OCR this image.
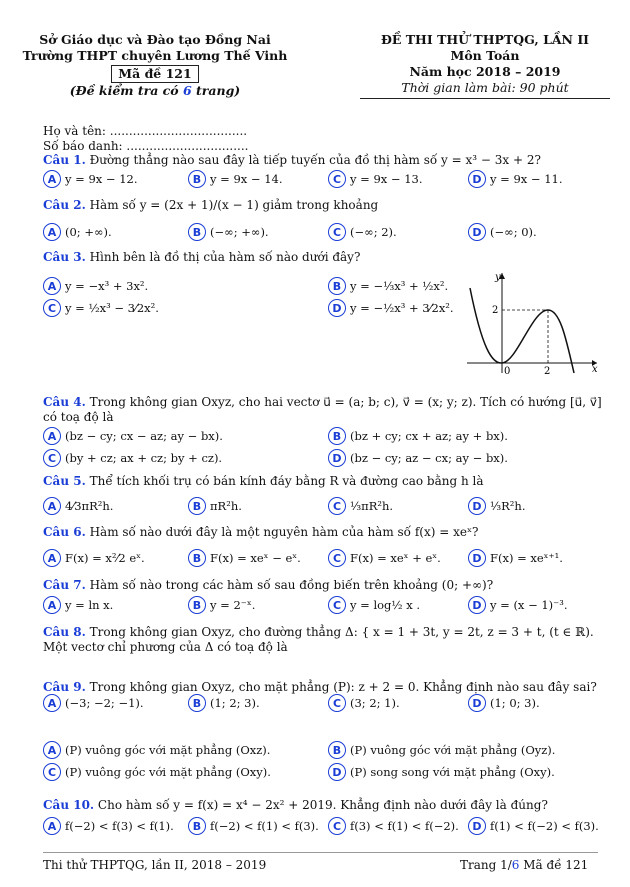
Sở Giáo dục và Đào tạo Đồng Nai
Trường THPT chuyên Lương Thế Vinh
Mã đề 121
(Đề kiểm tra có 6 trang)
ĐỀ THI THỬ THPTQG, LẦN II
Môn Toán
Năm học 2018 – 2019
Thời gian làm bài: 90 phút
Họ và tên: ....................................
Số báo danh: ................................
Câu 1. Đường thẳng nào sau đây là tiếp tuyến của đồ thị hàm số y = x³ − 3x + 2?
A y = 9x − 12.	B y = 9x − 14.	C y = 9x − 13.	D y = 9x − 11.
Câu 2. Hàm số y = (2x + 1)/(x − 1) giảm trong khoảng
A (0; +∞).	B (−∞; +∞).	C (−∞; 2).	D (−∞; 0).
Câu 3. Hình bên là đồ thị của hàm số nào dưới đây?
A y = −x³ + 3x².	B y = −⅓x³ + ½x².
C y = ½x³ − 3⁄2x².	D y = −½x³ + 3⁄2x².
Câu 4. Trong không gian Oxyz, cho hai vectơ u⃗ = (a; b; c), v⃗ = (x; y; z). Tích có hướng [u⃗, v⃗] có toạ độ là
A (bz − cy; cx − az; ay − bx).	B (bz + cy; cx + az; ay + bx).
C (by + cz; ax + cz; by + cz).	D (bz − cy; az − cx; ay − bx).
Câu 5. Thể tích khối trụ có bán kính đáy bằng R và đường cao bằng h là
A 4⁄3πR²h.	B πR²h.	C ⅓πR²h.	D ⅓R²h.
Câu 6. Hàm số nào dưới đây là một nguyên hàm của hàm số f(x) = xeˣ?
A F(x) = x²⁄2 eˣ.	B F(x) = xeˣ − eˣ.	C F(x) = xeˣ + eˣ.	D F(x) = xeˣ⁺¹.
Câu 7. Hàm số nào trong các hàm số sau đồng biến trên khoảng (0; +∞)?
A y = ln x.	B y = 2⁻ˣ.	C y = log½ x .	D y = (x − 1)⁻³.
Câu 8. Trong không gian Oxyz, cho đường thẳng Δ: { x = 1 + 3t, y = 2t, z = 3 + t, (t ∈ ℝ). Một vectơ chỉ phương của Δ có toạ độ là
A (−3; −2; −1).	B (1; 2; 3).	C (3; 2; 1).	D (1; 0; 3).
Câu 9. Trong không gian Oxyz, cho mặt phẳng (P): z + 2 = 0. Khẳng định nào sau đây sai?
A (P) vuông góc với mặt phẳng (Oxz).	B (P) vuông góc với mặt phẳng (Oyz).
C (P) vuông góc với mặt phẳng (Oxy).	D (P) song song với mặt phẳng (Oxy).
Câu 10. Cho hàm số y = f(x) = x⁴ − 2x² + 2019. Khẳng định nào dưới đây là đúng?
A f(−2) < f(3) < f(1).	B f(−2) < f(1) < f(3).	C f(3) < f(1) < f(−2).	D f(1) < f(−2) < f(3).
y
x
0	2
2
Thi thử THPTQG, lần II, 2018 – 2019	Trang 1/6 Mã đề 121
